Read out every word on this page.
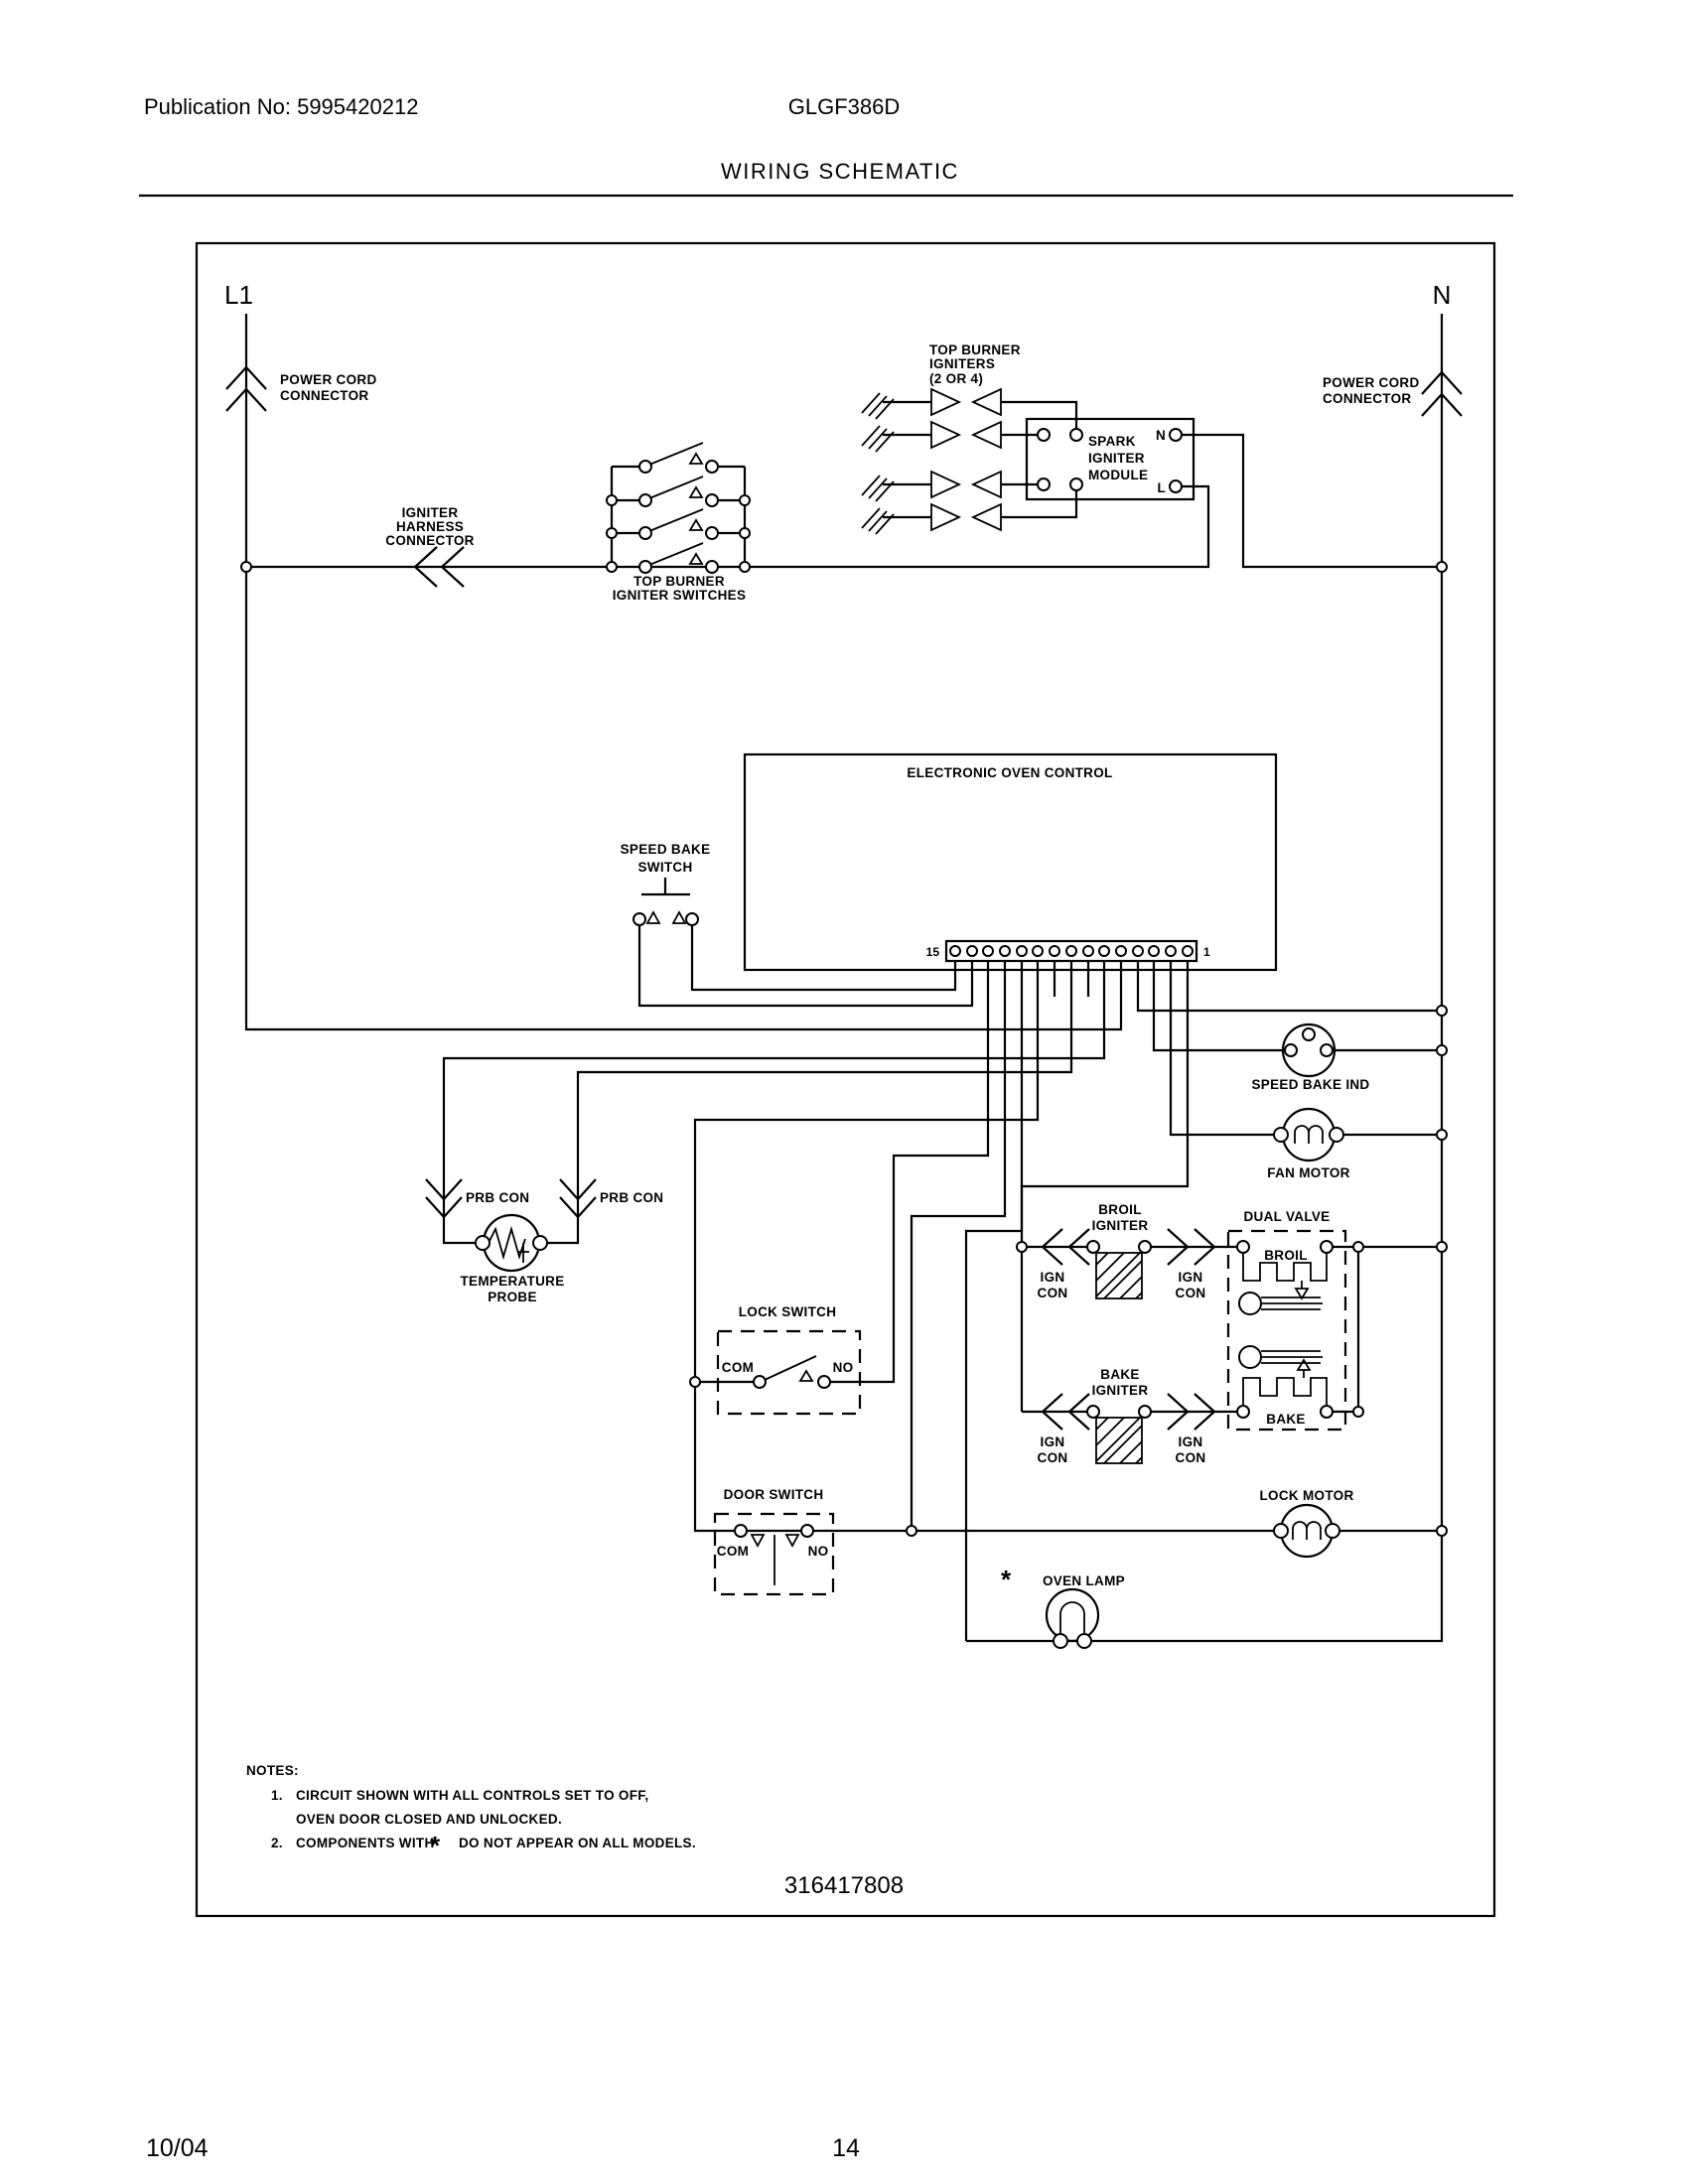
Publication No: 5995420212	GLGF386D
WIRING SCHEMATIC
L1	N
POWER CORD
CONNECTOR
POWER CORD
CONNECTOR
IGNITER
HARNESS
CONNECTOR
TOP BURNER
IGNITER SWITCHES
TOP BURNER
IGNITERS
(2 OR 4)
SPARK
IGNITER
MODULE
N
L
ELECTRONIC OVEN CONTROL
15	1
SPEED BAKE
SWITCH
SPEED BAKE IND
FAN MOTOR
PRB CON	PRB CON
TEMPERATURE
PROBE
LOCK SWITCH
COM	NO
DOOR SWITCH
COM	NO
BROIL
IGNITER
BAKE
IGNITER
IGN
CON
IGN
CON
IGN
CON
IGN
CON
DUAL VALVE
BROIL
BAKE
LOCK MOTOR
* OVEN LAMP
NOTES:
1. CIRCUIT SHOWN WITH ALL CONTROLS SET TO OFF,
OVEN DOOR CLOSED AND UNLOCKED.
2. COMPONENTS WITH
* DO NOT APPEAR ON ALL MODELS.
316417808
10/04	14
